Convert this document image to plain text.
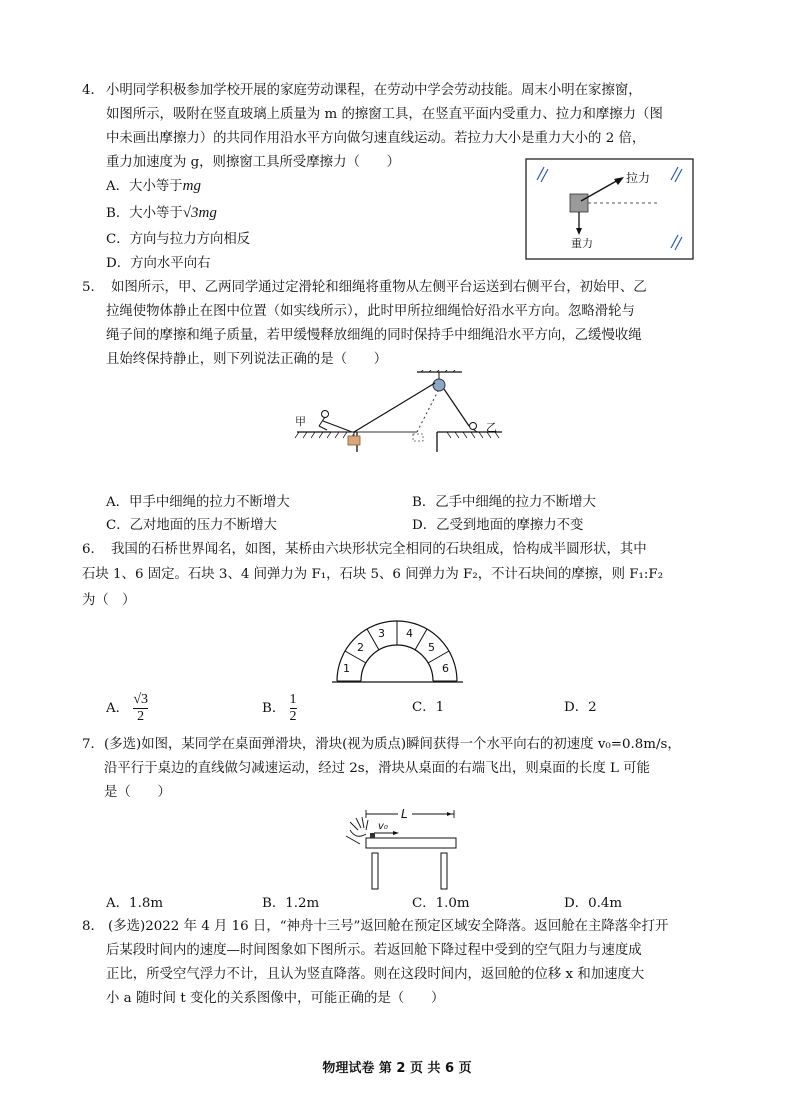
4． 小明同学积极参加学校开展的家庭劳动课程，在劳动中学会劳动技能。周末小明在家擦窗，
如图所示，吸附在竖直玻璃上质量为 m 的擦窗工具，在竖直平面内受重力、拉力和摩擦力（图
中未画出摩擦力）的共同作用沿水平方向做匀速直线运动。若拉力大小是重力大小的 2 倍，
重力加速度为 g，则擦窗工具所受摩擦力（　　）
A．大小等于mg
B．大小等于√3mg
C．方向与拉力方向相反
D．方向水平向右
拉力
重力
5． 如图所示，甲、乙两同学通过定滑轮和细绳将重物从左侧平台运送到右侧平台，初始甲、乙
拉绳使物体静止在图中位置（如实线所示），此时甲所拉细绳恰好沿水平方向。忽略滑轮与
绳子间的摩擦和绳子质量，若甲缓慢释放细绳的同时保持手中细绳沿水平方向，乙缓慢收绳
且始终保持静止，则下列说法正确的是（　　）
甲	乙
A．甲手中细绳的拉力不断增大	B．乙手中细绳的拉力不断增大
C．乙对地面的压力不断增大	D．乙受到地面的摩擦力不变
6． 我国的石桥世界闻名，如图，某桥由六块形状完全相同的石块组成，恰构成半圆形状，其中
石块 1、6 固定。石块 3、4 间弹力为 F₁，石块 5、6 间弹力为 F₂，不计石块间的摩擦，则 F₁:F₂
为（　）
1
2
3 4
5
6
A． $\frac{√3}{2}$	B． $\frac{1}{2}$	C．1	D．2
7． (多选)如图，某同学在桌面弹滑块，滑块(视为质点)瞬间获得一个水平向右的初速度 v₀=0.8m/s，
沿平行于桌边的直线做匀减速运动，经过 2s，滑块从桌面的右端飞出，则桌面的长度 L 可能
是（　　）
L
v₀
A．1.8m	B．1.2m	C．1.0m	D．0.4m
8． (多选)2022 年 4 月 16 日，“神舟十三号”返回舱在预定区域安全降落。返回舱在主降落伞打开
后某段时间内的速度—时间图象如下图所示。若返回舱下降过程中受到的空气阻力与速度成
正比，所受空气浮力不计，且认为竖直降落。则在这段时间内，返回舱的位移 x 和加速度大
小 a 随时间 t 变化的关系图像中，可能正确的是（　　）
物理试卷 第 2 页 共 6 页
